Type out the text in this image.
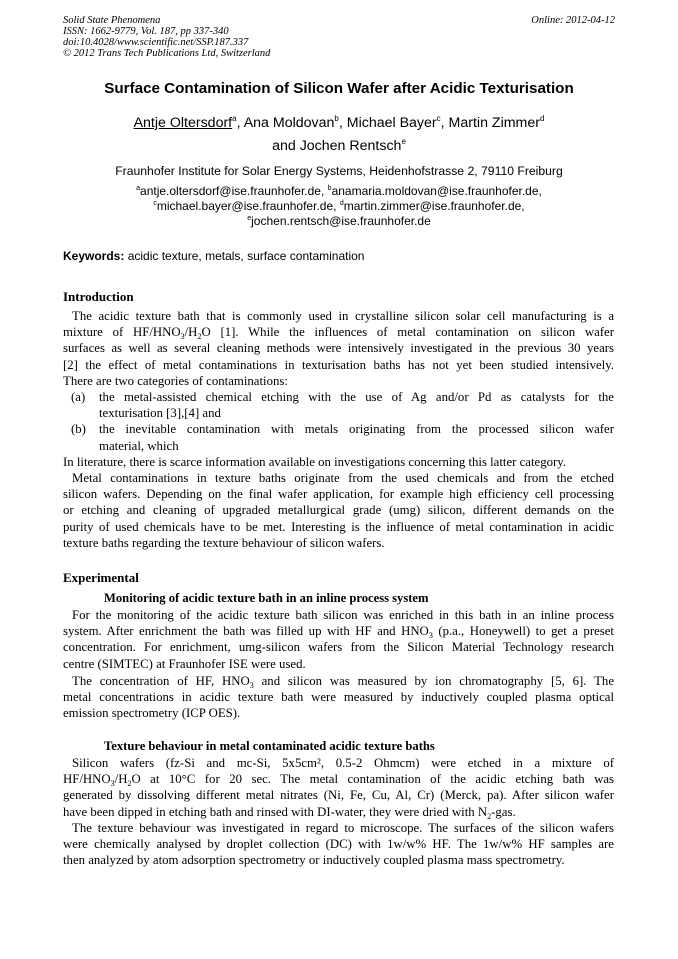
Solid State Phenomena
ISSN: 1662-9779, Vol. 187, pp 337-340
doi:10.4028/www.scientific.net/SSP.187.337
© 2012 Trans Tech Publications Ltd, Switzerland
Online: 2012-04-12
Surface Contamination of Silicon Wafer after Acidic Texturisation
Antje Oltersdorf$^a$, Ana Moldovan$^b$, Michael Bayer$^c$, Martin Zimmer$^d$
and Jochen Rentsch$^e$
Fraunhofer Institute for Solar Energy Systems, Heidenhofstrasse 2, 79110 Freiburg
$^a$antje.oltersdorf@ise.fraunhofer.de, $^b$anamaria.moldovan@ise.fraunhofer.de,
$^c$michael.bayer@ise.fraunhofer.de, $^d$martin.zimmer@ise.fraunhofer.de,
$^e$jochen.rentsch@ise.fraunhofer.de
Keywords: acidic texture, metals, surface contamination
Introduction
The acidic texture bath that is commonly used in crystalline silicon solar cell manufacturing is a
mixture of $HF/HNO_3/H_2O$ [1]. While the influences of metal contamination on silicon wafer
surfaces as well as several cleaning methods were intensively investigated in the previous 30 years
[2] the effect of metal contaminations in texturisation baths has not yet been studied intensively.
There are two categories of contaminations:
(a) the metal-assisted chemical etching with the use of Ag and/or Pd as catalysts for the
texturisation [3],[4] and
(b) the inevitable contamination with metals originating from the processed silicon wafer
material, which
In literature, there is scarce information available on investigations concerning this latter category.
Metal contaminations in texture baths originate from the used chemicals and from the etched
silicon wafers. Depending on the final wafer application, for example high efficiency cell processing
or etching and cleaning of upgraded metallurgical grade (umg) silicon, different demands on the
purity of used chemicals have to be met. Interesting is the influence of metal contamination in acidic
texture baths regarding the texture behaviour of silicon wafers.
Experimental
Monitoring of acidic texture bath in an inline process system
For the monitoring of the acidic texture bath silicon was enriched in this bath in an inline process
system. After enrichment the bath was filled up with HF and $HNO_3$ (p.a., Honeywell) to get a preset
concentration. For enrichment, umg-silicon wafers from the Silicon Material Technology research
centre (SIMTEC) at Fraunhofer ISE were used.
The concentration of HF, $HNO_3$ and silicon was measured by ion chromatography [5, 6]. The
metal concentrations in acidic texture bath were measured by inductively coupled plasma optical
emission spectrometry (ICP OES).
Texture behaviour in metal contaminated acidic texture baths
Silicon wafers (fz-Si and mc-Si, 5x5cm², 0.5-2 Ohmcm) were etched in a mixture of
$HF/HNO_3/H_2O$ at 10°C for 20 sec. The metal contamination of the acidic etching bath was
generated by dissolving different metal nitrates (Ni, Fe, Cu, Al, Cr) (Merck, pa). After silicon wafer
have been dipped in etching bath and rinsed with DI-water, they were dried with $N_2$-gas.
The texture behaviour was investigated in regard to microscope. The surfaces of the silicon wafers
were chemically analysed by droplet collection (DC) with 1w/w% HF. The 1w/w% HF samples are
then analyzed by atom adsorption spectrometry or inductively coupled plasma mass spectrometry.
